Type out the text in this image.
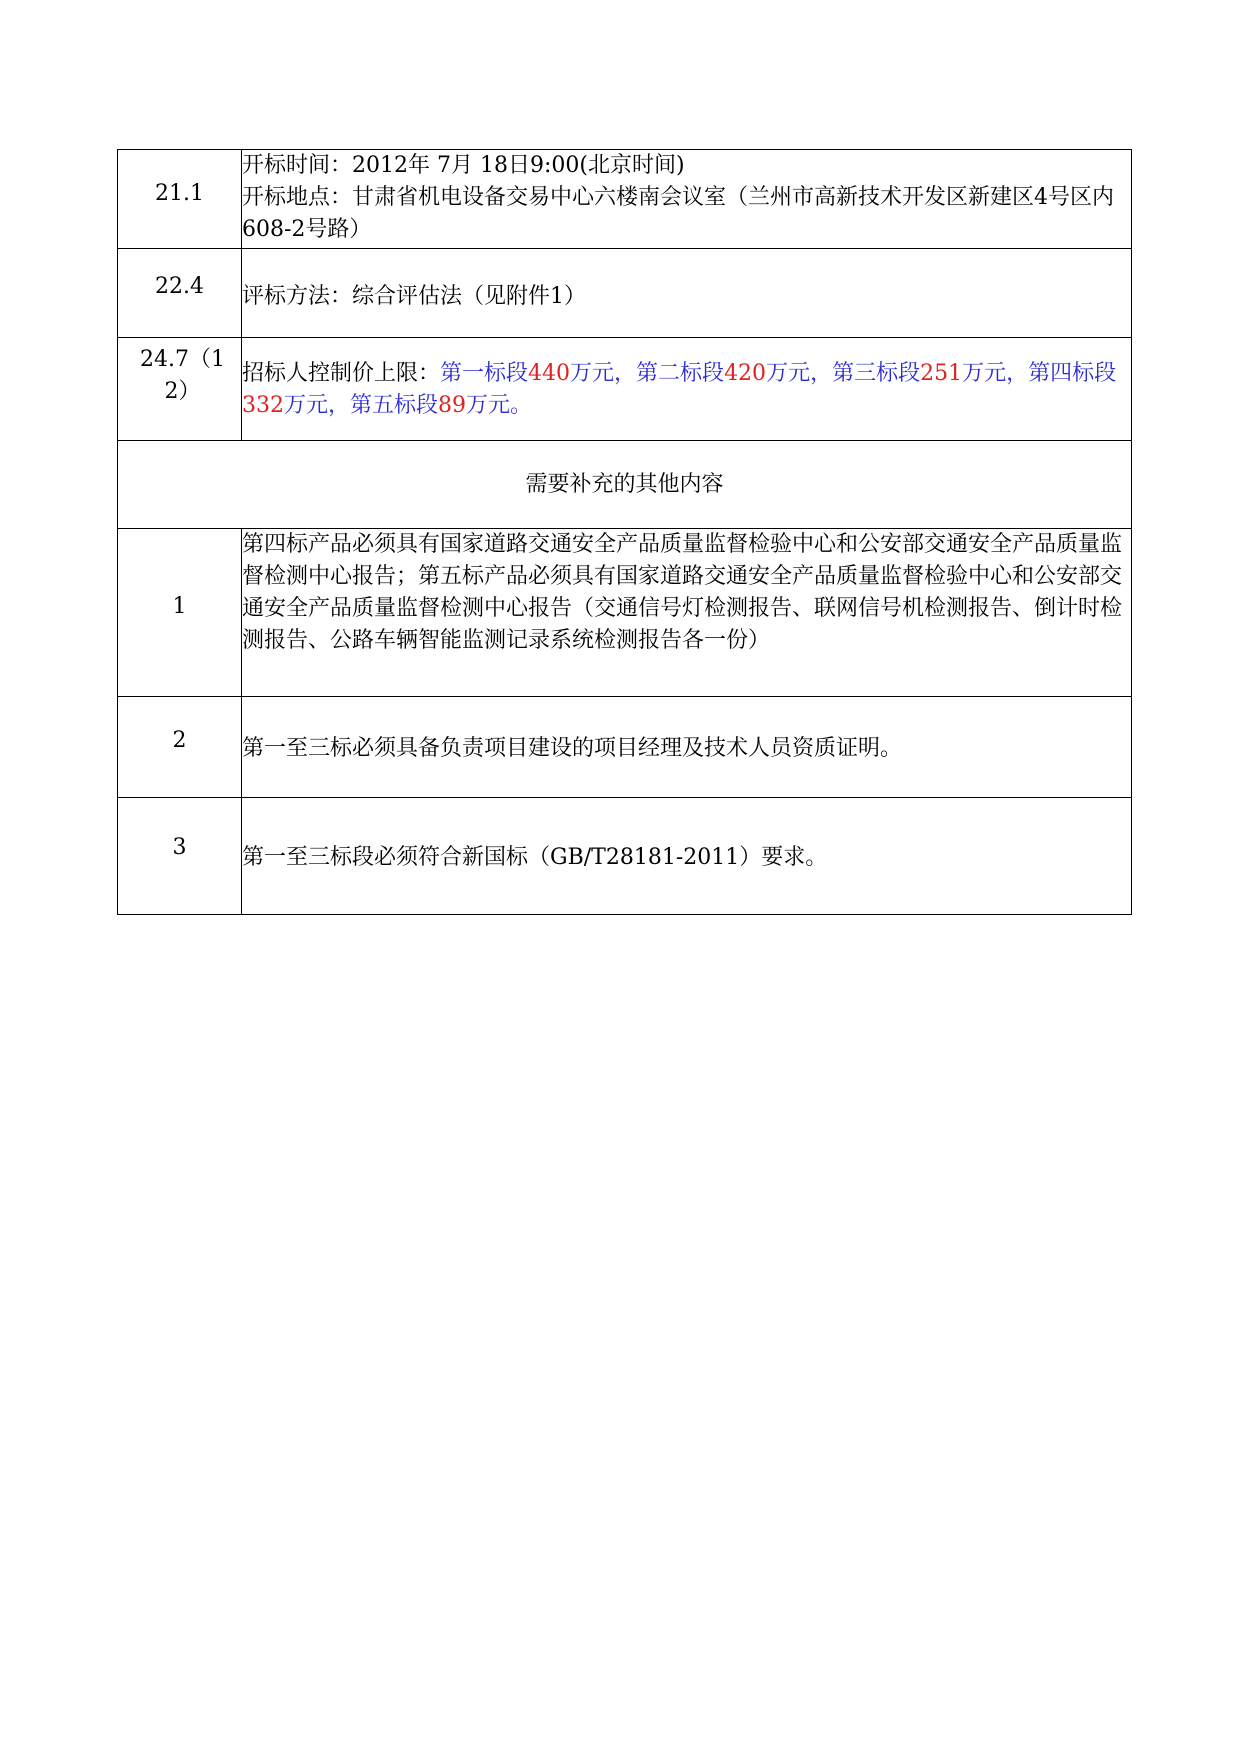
21.1	开标时间：2012年 7月 18日9:00(北京时间)

开标地点：甘肃省机电设备交易中心六楼南会议室（兰州市高新技术开发区新建区4号区内608-2号路）

22.4	评标方法：综合评估法（见附件1）

24.7（12）	招标人控制价上限：第一标段440万元，第二标段420万元，第三标段251万元，第四标段332万元，第五标段89万元。

需要补充的其他内容	

1	第四标产品必须具有国家道路交通安全产品质量监督检验中心和公安部交通安全产品质量监督检测中心报告；第五标产品必须具有国家道路交通安全产品质量监督检验中心和公安部交通安全产品质量监督检测中心报告（交通信号灯检测报告、联网信号机检测报告、倒计时检测报告、公路车辆智能监测记录系统检测报告各一份）

2	第一至三标必须具备负责项目建设的项目经理及技术人员资质证明。

3	第一至三标段必须符合新国标（GB/T28181-2011）要求。
